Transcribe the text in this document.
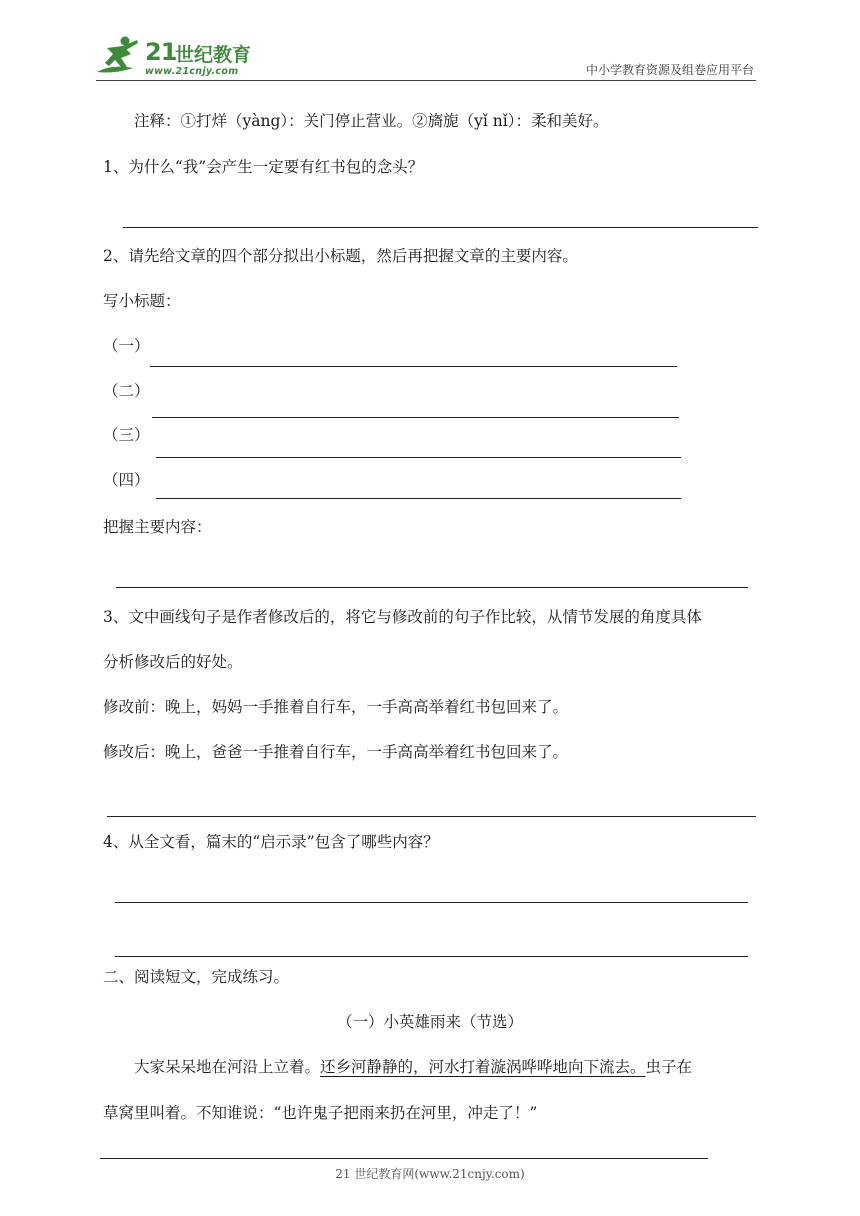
21
世纪教育
www.21cnjy.com	中小学教育资源及组卷应用平台
注释：①打烊（yàng）：关门停止营业。②旖旎（yǐ nǐ）：柔和美好。
1、为什么“我”会产生一定要有红书包的念头？
2、请先给文章的四个部分拟出小标题，然后再把握文章的主要内容。
写小标题：
（一）
（二）
（三）
（四）
把握主要内容：
3、文中画线句子是作者修改后的，将它与修改前的句子作比较，从情节发展的角度具体
分析修改后的好处。
修改前：晚上，妈妈一手推着自行车，一手高高举着红书包回来了。
修改后：晚上，爸爸一手推着自行车，一手高高举着红书包回来了。
4、从全文看，篇末的“启示录”包含了哪些内容？
二、阅读短文，完成练习。
（一）小英雄雨来（节选）
大家呆呆地在河沿上立着。还乡河静静的，河水打着漩涡哗哗地向下流去。虫子在
草窝里叫着。不知谁说：“也许鬼子把雨来扔在河里，冲走了！”
21 世纪教育网(www.21cnjy.com)
